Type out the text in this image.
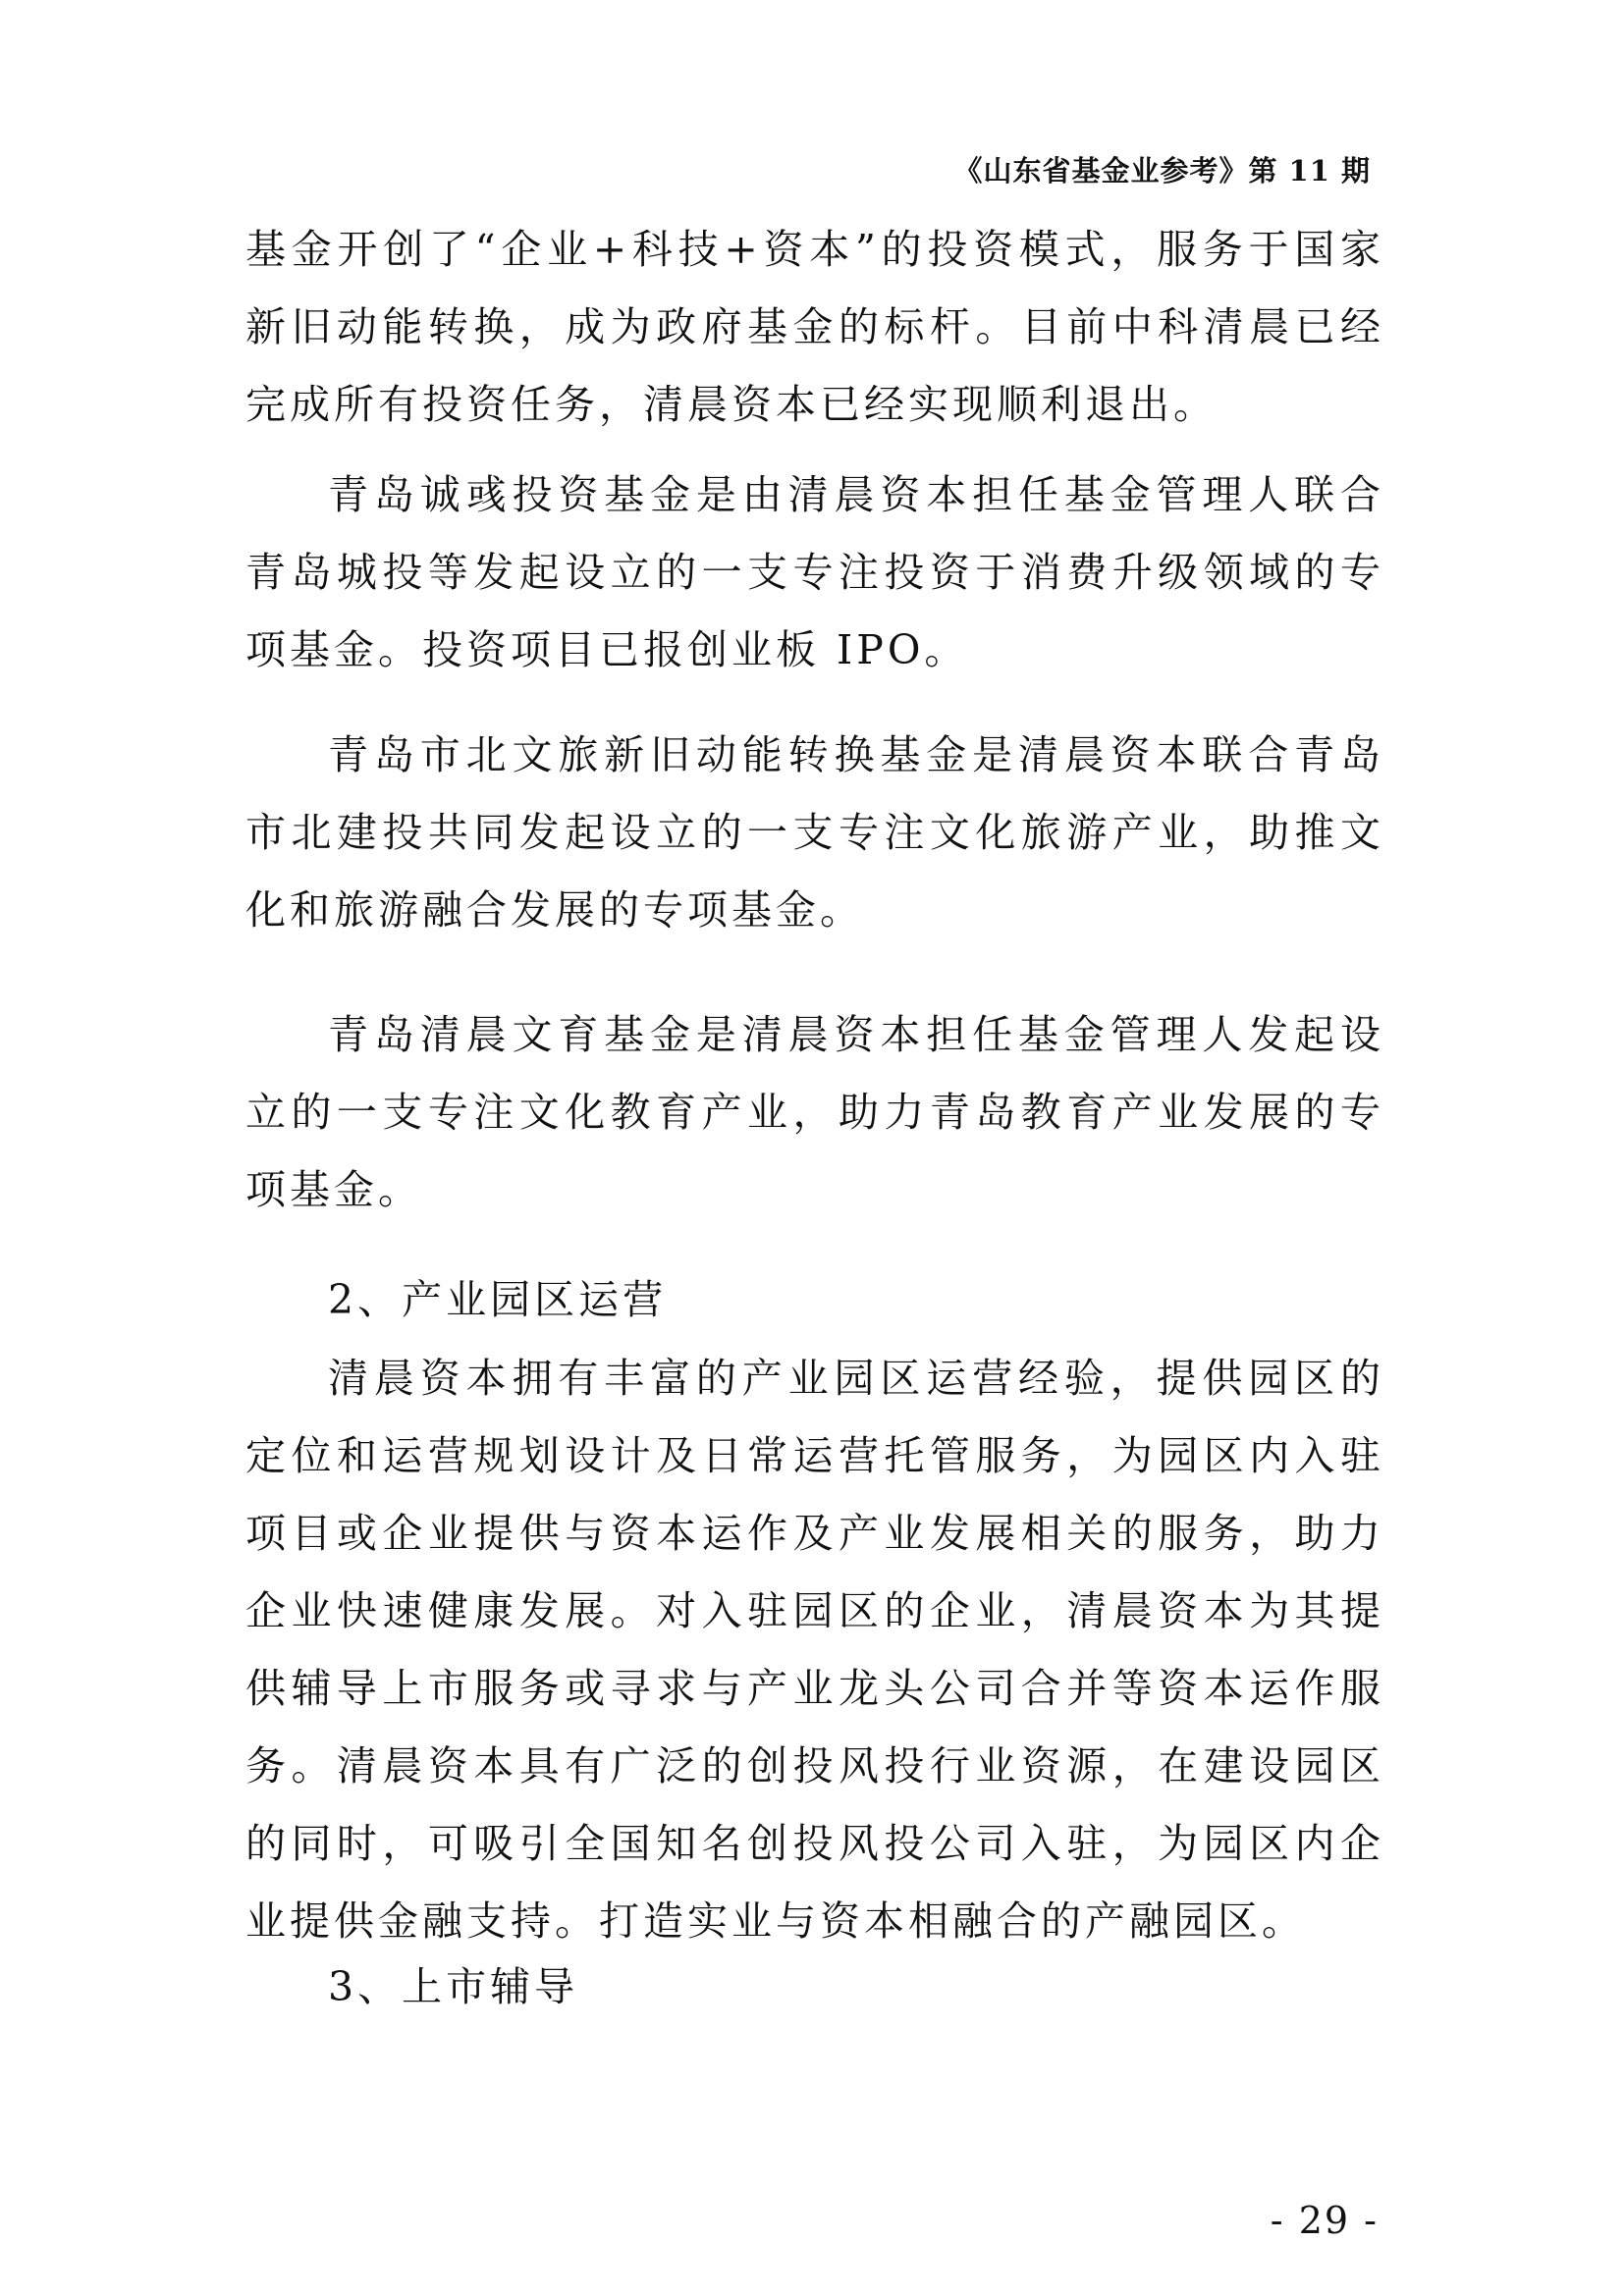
《山东省基金业参考》第 11 期

基金开创了“企业+科技+资本”的投资模式，服务于国家新旧动能转换，成为政府基金的标杆。目前中科清晨已经完成所有投资任务，清晨资本已经实现顺利退出。

青岛诚彧投资基金是由清晨资本担任基金管理人联合青岛城投等发起设立的一支专注投资于消费升级领域的专项基金。投资项目已报创业板 IPO。

青岛市北文旅新旧动能转换基金是清晨资本联合青岛市北建投共同发起设立的一支专注文化旅游产业，助推文化和旅游融合发展的专项基金。

青岛清晨文育基金是清晨资本担任基金管理人发起设立的一支专注文化教育产业，助力青岛教育产业发展的专项基金。

2、产业园区运营

清晨资本拥有丰富的产业园区运营经验，提供园区的定位和运营规划设计及日常运营托管服务，为园区内入驻项目或企业提供与资本运作及产业发展相关的服务，助力企业快速健康发展。对入驻园区的企业，清晨资本为其提供辅导上市服务或寻求与产业龙头公司合并等资本运作服务。清晨资本具有广泛的创投风投行业资源，在建设园区的同时，可吸引全国知名创投风投公司入驻，为园区内企业提供金融支持。打造实业与资本相融合的产融园区。

3、上市辅导

- 29 -
